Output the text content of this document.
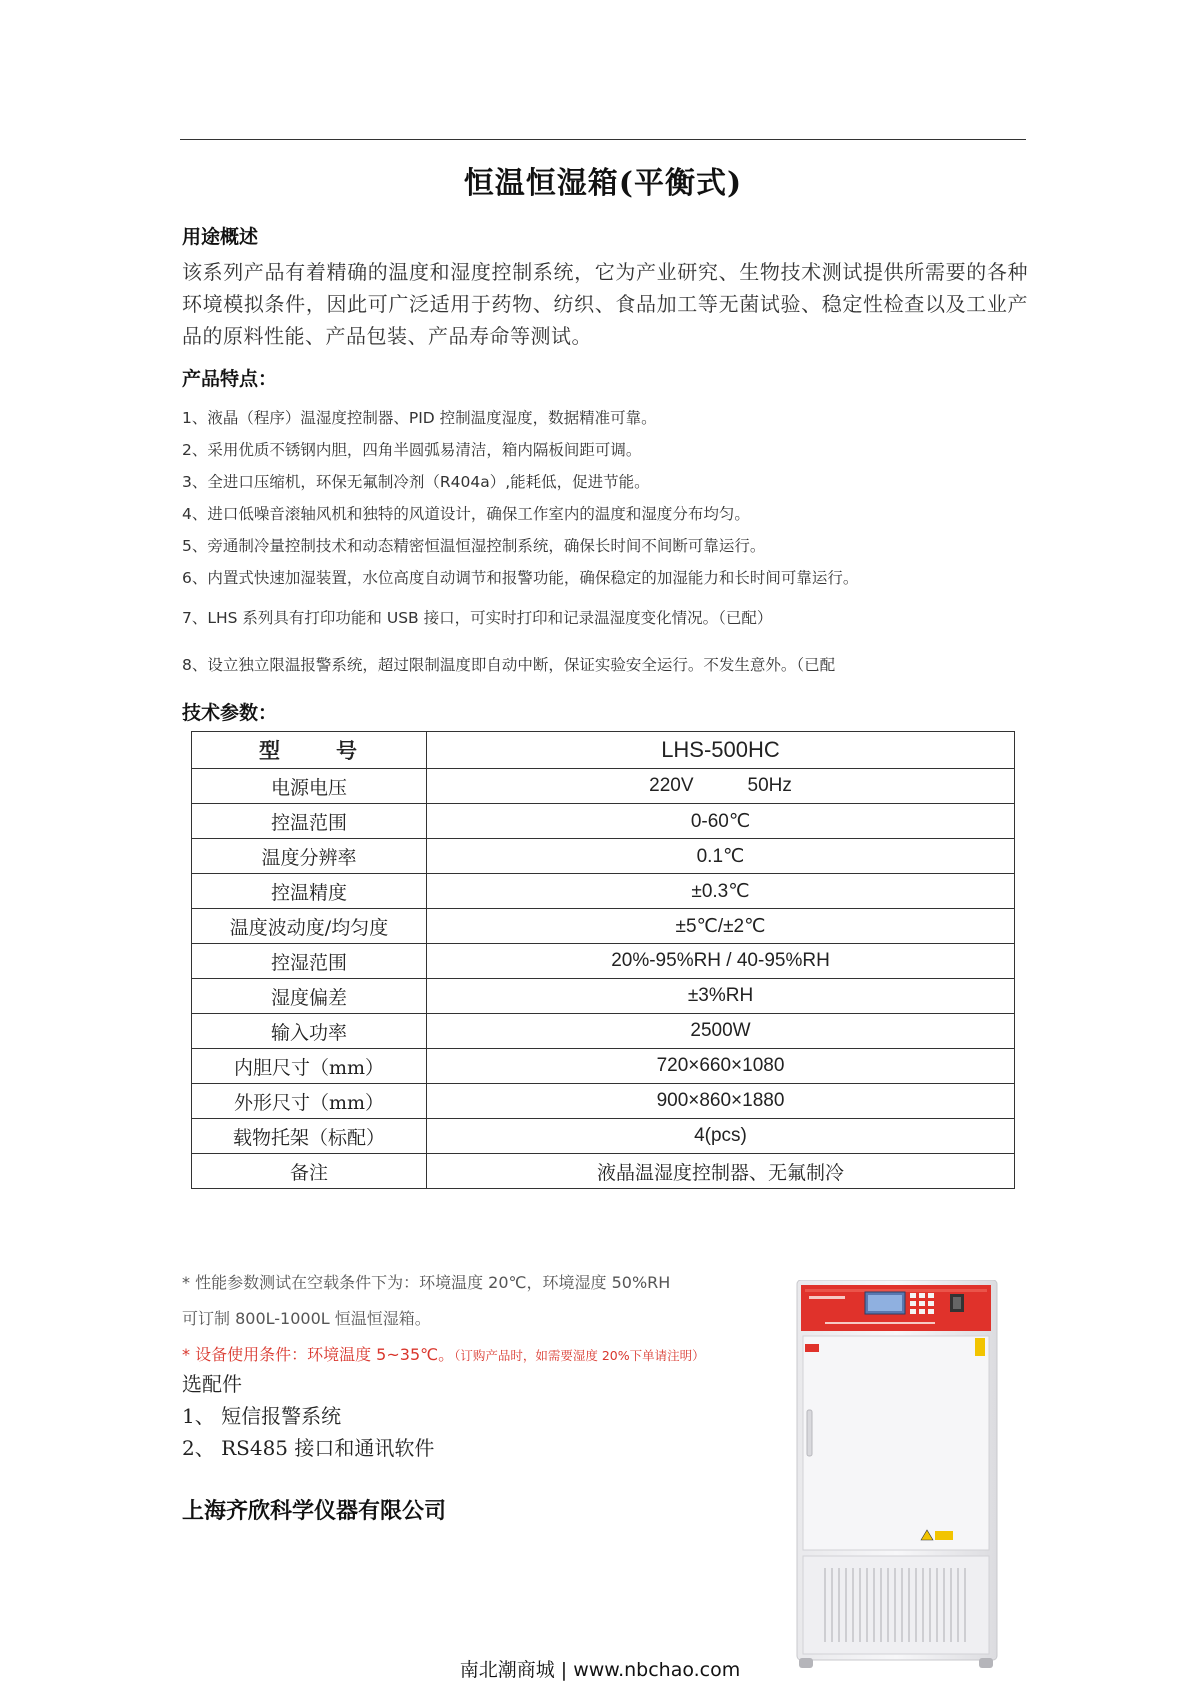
恒温恒湿箱(平衡式)
用途概述
该系列产品有着精确的温度和湿度控制系统，它为产业研究、生物技术测试提供所需要的各种环境模拟条件，因此可广泛适用于药物、纺织、食品加工等无菌试验、稳定性检查以及工业产品的原料性能、产品包装、产品寿命等测试。
产品特点：
1、液晶（程序）温湿度控制器、PID 控制温度湿度，数据精准可靠。
2、采用优质不锈钢内胆，四角半圆弧易清洁，箱内隔板间距可调。
3、全进口压缩机，环保无氟制冷剂（R404a）,能耗低，促进节能。
4、进口低噪音滚轴风机和独特的风道设计，确保工作室内的温度和湿度分布均匀。
5、旁通制冷量控制技术和动态精密恒温恒湿控制系统，确保长时间不间断可靠运行。
6、内置式快速加湿装置，水位高度自动调节和报警功能，确保稳定的加湿能力和长时间可靠运行。
7、LHS 系列具有打印功能和 USB 接口，可实时打印和记录温湿度变化情况。（已配）
8、设立独立限温报警系统，超过限制温度即自动中断，保证实验安全运行。不发生意外。（已配
技术参数：
型 号	LHS-500HC
电源电压	220V 50Hz
控温范围	0-60℃
温度分辨率	0.1℃
控温精度	±0.3℃
温度波动度/均匀度	±5℃/±2℃
控湿范围	20%-95%RH / 40-95%RH
湿度偏差	±3%RH
输入功率	2500W
内胆尺寸（mm）	720×660×1080
外形尺寸（mm）	900×860×1880
载物托架（标配）	4(pcs)
备注	液晶温湿度控制器、无氟制冷
* 性能参数测试在空载条件下为：环境温度 20℃，环境湿度 50%RH
可订制 800L-1000L 恒温恒湿箱。
* 设备使用条件：环境温度 5~35℃。（订购产品时，如需要湿度 20%下单请注明）
选配件
1、 短信报警系统
2、 RS485 接口和通讯软件
上海齐欣科学仪器有限公司
南北潮商城 | www.nbchao.com
